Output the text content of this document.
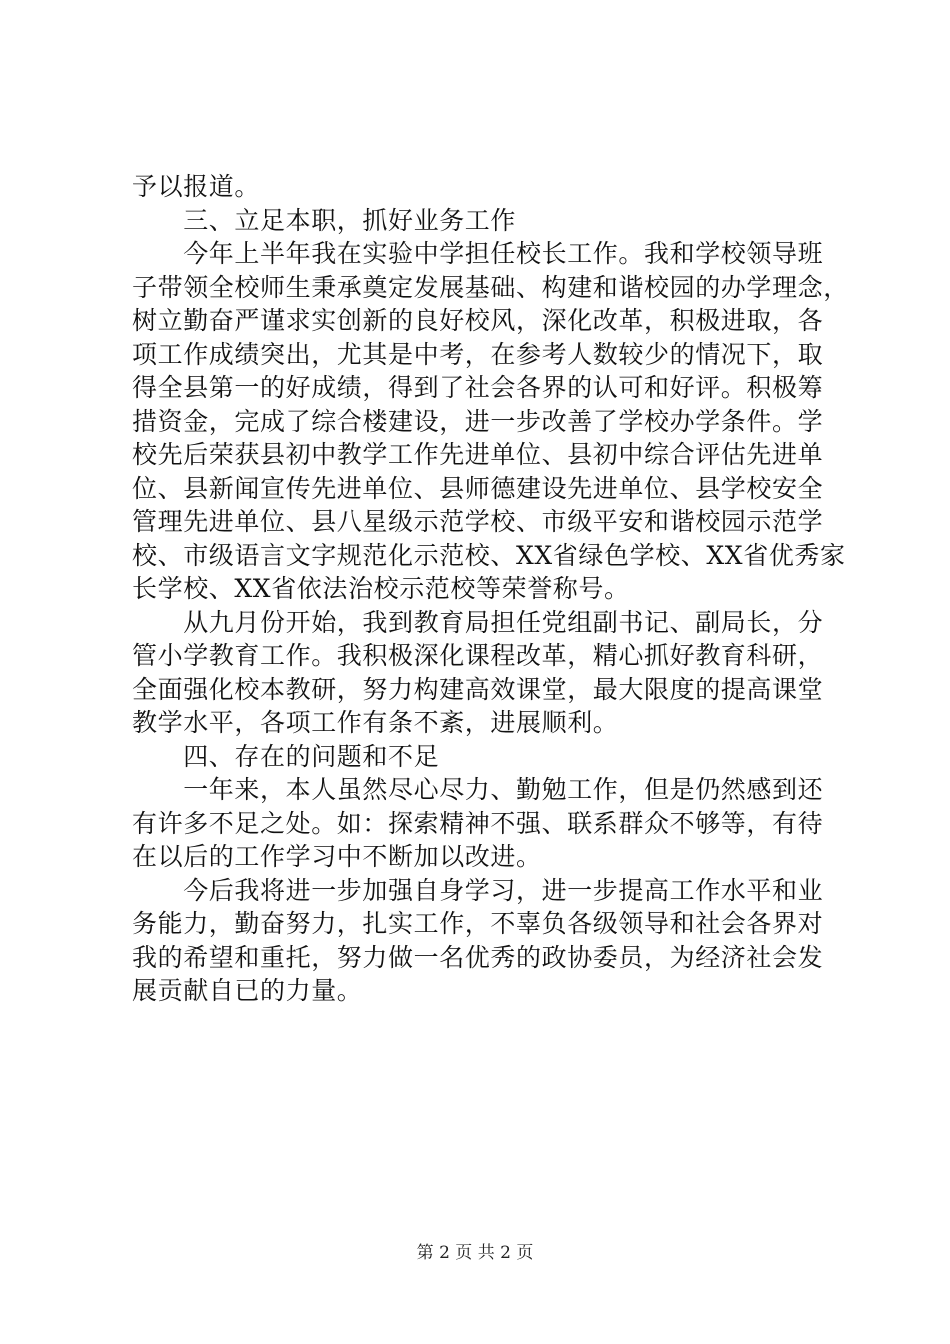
予以报道。
　　三、立足本职，抓好业务工作
　　今年上半年我在实验中学担任校长工作。我和学校领导班
子带领全校师生秉承奠定发展基础、构建和谐校园的办学理念，
树立勤奋严谨求实创新的良好校风，深化改革，积极进取，各
项工作成绩突出，尤其是中考，在参考人数较少的情况下，取
得全县第一的好成绩，得到了社会各界的认可和好评。积极筹
措资金，完成了综合楼建设，进一步改善了学校办学条件。学
校先后荣获县初中教学工作先进单位、县初中综合评估先进单
位、县新闻宣传先进单位、县师德建设先进单位、县学校安全
管理先进单位、县八星级示范学校、市级平安和谐校园示范学
校、市级语言文字规范化示范校、XX省绿色学校、XX省优秀家
长学校、XX省依法治校示范校等荣誉称号。
　　从九月份开始，我到教育局担任党组副书记、副局长，分
管小学教育工作。我积极深化课程改革，精心抓好教育科研，
全面强化校本教研，努力构建高效课堂，最大限度的提高课堂
教学水平，各项工作有条不紊，进展顺利。
　　四、存在的问题和不足
　　一年来，本人虽然尽心尽力、勤勉工作，但是仍然感到还
有许多不足之处。如：探索精神不强、联系群众不够等，有待
在以后的工作学习中不断加以改进。
　　今后我将进一步加强自身学习，进一步提高工作水平和业
务能力，勤奋努力，扎实工作，不辜负各级领导和社会各界对
我的希望和重托，努力做一名优秀的政协委员，为经济社会发
展贡献自已的力量。
第 2 页 共 2 页
